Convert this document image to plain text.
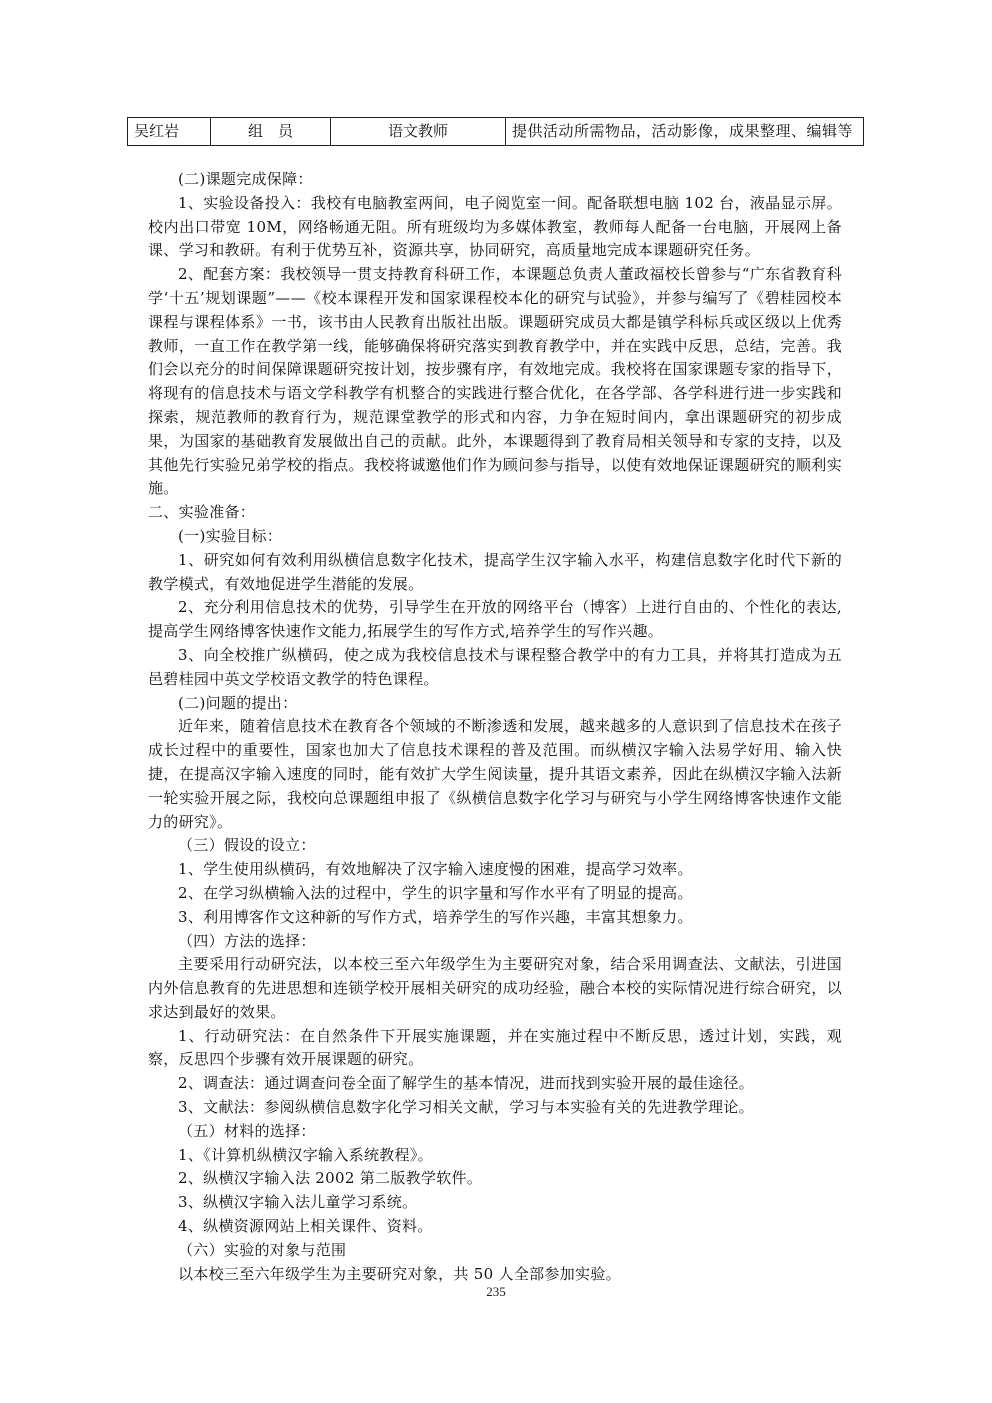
吴红岩	组　员	语文教师	提供活动所需物品，活动影像，成果整理、编辑等

(二)课题完成保障：

1、实验设备投入：我校有电脑教室两间，电子阅览室一间。配备联想电脑 102 台，液晶显示屏。校内出口带宽 10M，网络畅通无阻。所有班级均为多媒体教室，教师每人配备一台电脑，开展网上备课、学习和教研。有利于优势互补，资源共享，协同研究，高质量地完成本课题研究任务。

2、配套方案：我校领导一贯支持教育科研工作，本课题总负责人董政福校长曾参与“广东省教育科学‘十五’规划课题”——《校本课程开发和国家课程校本化的研究与试验》，并参与编写了《碧桂园校本课程与课程体系》一书，该书由人民教育出版社出版。课题研究成员大都是镇学科标兵或区级以上优秀教师，一直工作在教学第一线，能够确保将研究落实到教育教学中，并在实践中反思，总结，完善。我们会以充分的时间保障课题研究按计划，按步骤有序，有效地完成。我校将在国家课题专家的指导下，将现有的信息技术与语文学科教学有机整合的实践进行整合优化，在各学部、各学科进行进一步实践和探索，规范教师的教育行为，规范课堂教学的形式和内容，力争在短时间内，拿出课题研究的初步成果，为国家的基础教育发展做出自己的贡献。此外，本课题得到了教育局相关领导和专家的支持，以及其他先行实验兄弟学校的指点。我校将诚邀他们作为顾问参与指导，以使有效地保证课题研究的顺利实施。

二、实验准备：

(一)实验目标：

1、研究如何有效利用纵横信息数字化技术，提高学生汉字输入水平，构建信息数字化时代下新的教学模式，有效地促进学生潜能的发展。

2、充分利用信息技术的优势，引导学生在开放的网络平台（博客）上进行自由的、个性化的表达,提高学生网络博客快速作文能力,拓展学生的写作方式,培养学生的写作兴趣。

3、向全校推广纵横码，使之成为我校信息技术与课程整合教学中的有力工具，并将其打造成为五邑碧桂园中英文学校语文教学的特色课程。

(二)问题的提出：

近年来，随着信息技术在教育各个领域的不断渗透和发展，越来越多的人意识到了信息技术在孩子成长过程中的重要性，国家也加大了信息技术课程的普及范围。而纵横汉字输入法易学好用、输入快捷，在提高汉字输入速度的同时，能有效扩大学生阅读量，提升其语文素养，因此在纵横汉字输入法新一轮实验开展之际，我校向总课题组申报了《纵横信息数字化学习与研究与小学生网络博客快速作文能力的研究》。

（三）假设的设立：

1、学生使用纵横码，有效地解决了汉字输入速度慢的困难，提高学习效率。

2、在学习纵横输入法的过程中，学生的识字量和写作水平有了明显的提高。

3、利用博客作文这种新的写作方式，培养学生的写作兴趣，丰富其想象力。

（四）方法的选择：

主要采用行动研究法，以本校三至六年级学生为主要研究对象，结合采用调查法、文献法，引进国内外信息教育的先进思想和连锁学校开展相关研究的成功经验，融合本校的实际情况进行综合研究，以求达到最好的效果。

1、行动研究法：在自然条件下开展实施课题，并在实施过程中不断反思，透过计划，实践，观察，反思四个步骤有效开展课题的研究。

2、调查法：通过调查问卷全面了解学生的基本情况，进而找到实验开展的最佳途径。

3、文献法：参阅纵横信息数字化学习相关文献，学习与本实验有关的先进教学理论。

（五）材料的选择：

1、《计算机纵横汉字输入系统教程》。

2、纵横汉字输入法 2002 第二版教学软件。

3、纵横汉字输入法儿童学习系统。

4、纵横资源网站上相关课件、资料。

（六）实验的对象与范围

以本校三至六年级学生为主要研究对象，共 50 人全部参加实验。

235
